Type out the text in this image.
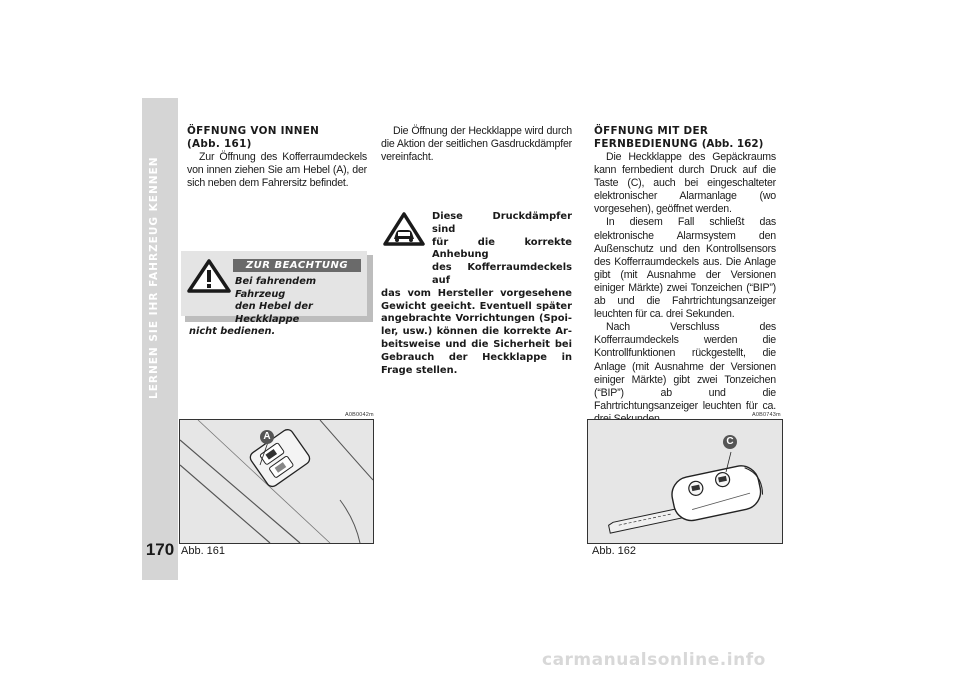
LERNEN SIE IHR FAHRZEUG KENNEN
170

ÖFFNUNG VON INNEN

(Abb. 161)

Zur Öffnung des Kofferraumdeckels von innen ziehen Sie am Hebel (A), der sich neben dem Fahrersitz befindet.

ZUR BEACHTUNG
Bei fahrendem Fahrzeug
den Hebel der Heckklappe
nicht bedienen.

Die Öffnung der Heckklappe wird durch die Aktion der seitlichen Gasdruckdämpfer vereinfacht.

Diese Druckdämpfer sind
für die korrekte Anhebung
des Kofferraumdeckels auf
das vom Hersteller vorgesehene Gewicht geeicht. Eventuell später angebrachte Vorrichtungen (Spoiler, usw.) können die korrekte Arbeitsweise und die Sicherheit bei Gebrauch der Heckklappe in Frage stellen.

ÖFFNUNG MIT DER

FERNBEDIENUNG (Abb. 162)

Die Heckklappe des Gepäckraums kann fernbedient durch Druck auf die Taste (C), auch bei eingeschalteter elektronischer Alarmanlage (wo vorgesehen), geöffnet werden.

In diesem Fall schließt das elektronische Alarmsystem den Außenschutz und den Kontrollsensors des Kofferraumdeckels aus. Die Anlage gibt (mit Ausnahme der Versionen einiger Märkte) zwei Tonzeichen (“BIP”) ab und die Fahrtrichtungsanzeiger leuchten für ca. drei Sekunden.

Nach Verschluss des Kofferraumdeckels werden die Kontrollfunktionen rückgestellt, die Anlage (mit Ausnahme der Versionen einiger Märkte) gibt zwei Tonzeichen (“BIP”) ab und die Fahrtrichtungsanzeiger leuchten für ca.

A0B0042m
A
Abb. 161
A0B0743m
C
Abb. 162
carmanualsonline.info
